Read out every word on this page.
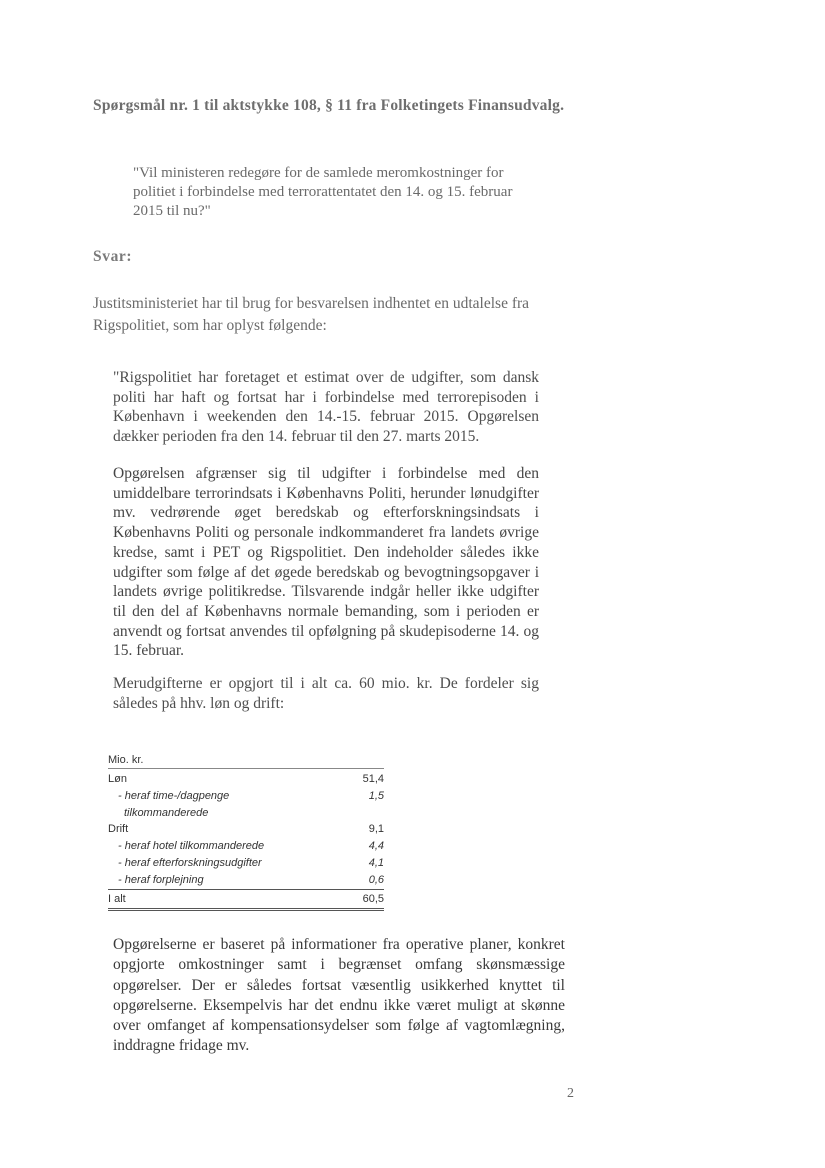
Spørgsmål nr. 1 til aktstykke 108, § 11 fra Folketingets Finansudvalg.
"Vil ministeren redegøre for de samlede meromkostninger for politiet i forbindelse med terrorattentatet den 14. og 15. februar 2015 til nu?"
Svar:
Justitsministeriet har til brug for besvarelsen indhentet en udtalelse fra Rigspolitiet, som har oplyst følgende:
"Rigspolitiet har foretaget et estimat over de udgifter, som dansk politi har haft og fortsat har i forbindelse med terrorepisoden i København i weekenden den 14.-15. februar 2015. Opgørelsen dækker perioden fra den 14. februar til den 27. marts 2015.
Opgørelsen afgrænser sig til udgifter i forbindelse med den umiddelbare terrorindsats i Københavns Politi, herunder lønudgifter mv. vedrørende øget beredskab og efterforskningsindsats i Københavns Politi og personale indkommanderet fra landets øvrige kredse, samt i PET og Rigspolitiet. Den indeholder således ikke udgifter som følge af det øgede beredskab og bevogtningsopgaver i landets øvrige politikredse. Tilsvarende indgår heller ikke udgifter til den del af Københavns normale bemanding, som i perioden er anvendt og fortsat anvendes til opfølgning på skudepisoderne 14. og 15. februar.
Merudgifterne er opgjort til i alt ca. 60 mio. kr. De fordeler sig således på hhv. løn og drift:
Mio. kr.
Løn	51,4
- heraf time-/dagpenge	1,5
tilkommanderede
Drift	9,1
- heraf hotel tilkommanderede	4,4
- heraf efterforskningsudgifter	4,1
- heraf forplejning	0,6
I alt	60,5
Opgørelserne er baseret på informationer fra operative planer, konkret opgjorte omkostninger samt i begrænset omfang skønsmæssige opgørelser. Der er således fortsat væsentlig usikkerhed knyttet til opgørelserne. Eksempelvis har det endnu ikke været muligt at skønne over omfanget af kompensationsydelser som følge af vagtomlægning, inddragne fridage mv.
2
